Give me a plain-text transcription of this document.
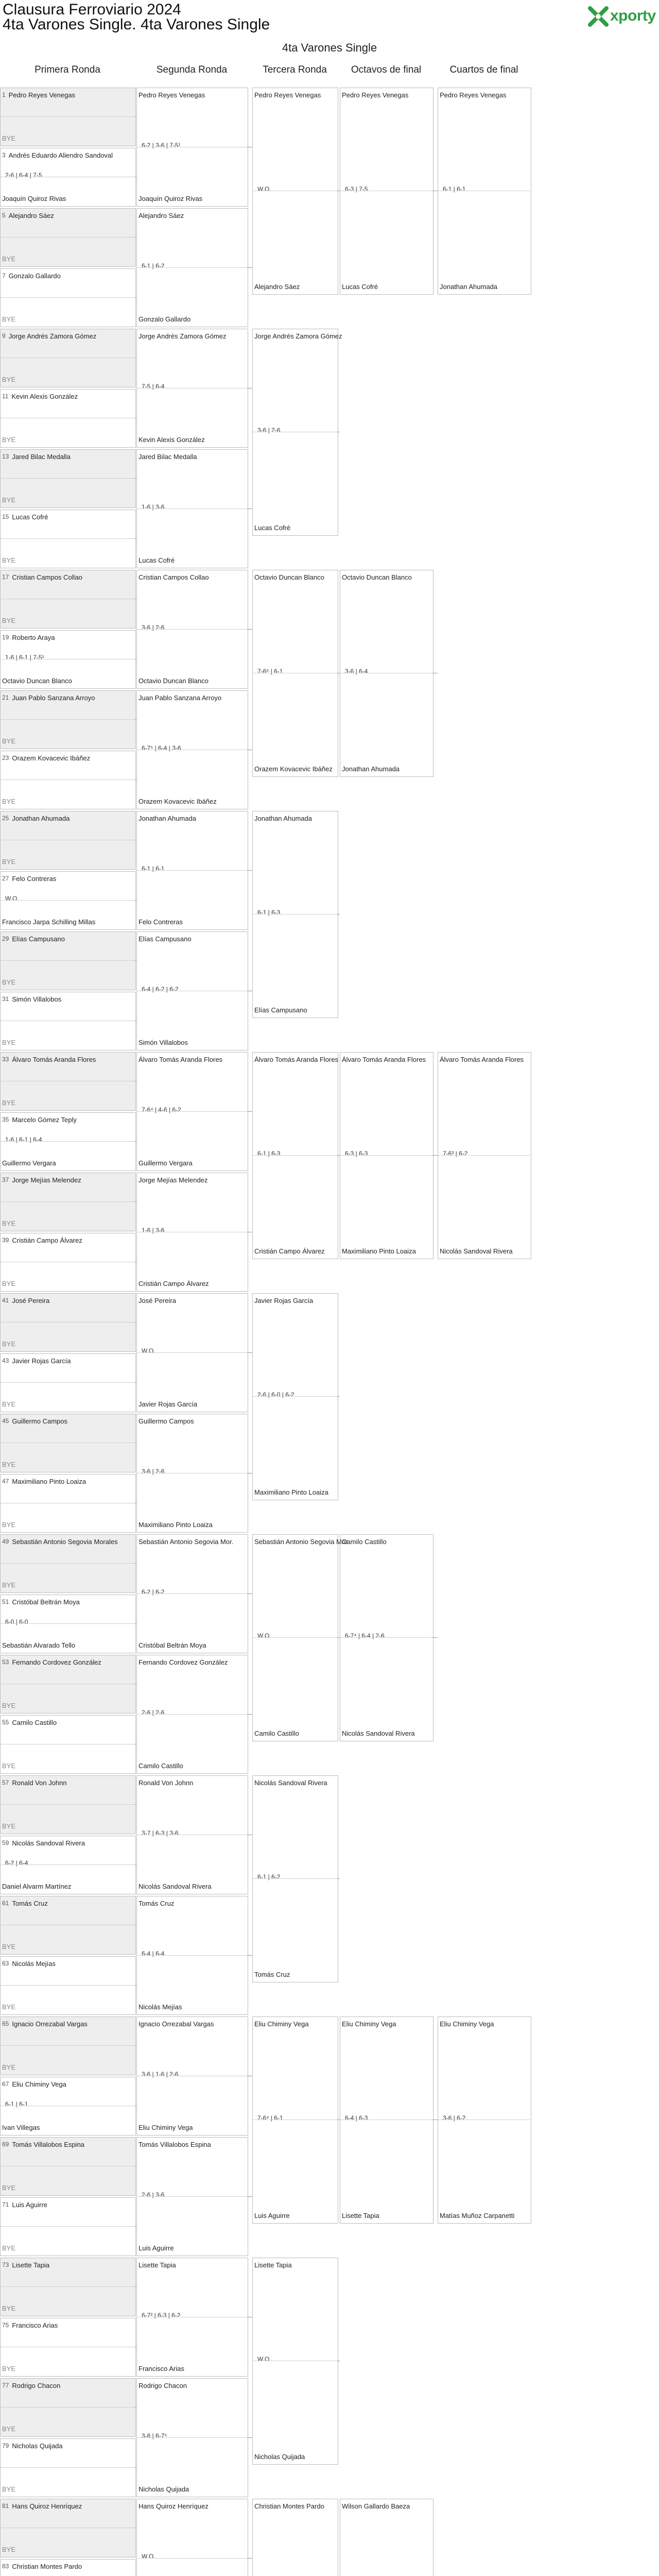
Clausura Ferroviario 2024
4ta Varones Single. 4ta Varones Single
xporty
4ta Varones Single
Primera Ronda	Segunda Ronda	Tercera Ronda	Octavos de final	Cuartos de final
1 Pedro Reyes Venegas
BYE
3 Andrés Eduardo Aliendro Sandoval
Joaquín Quiroz Rivas
2-6 | 6-4 | 7-5
5 Alejandro Sáez
BYE
7 Gonzalo Gallardo
BYE
9 Jorge Andrés Zamora Gómez
BYE
11 Kevin Alexis González
BYE
13 Jared Bilac Medalla
BYE
15 Lucas Cofré
BYE
17 Cristian Campos Collao
BYE
19 Roberto Araya
Octavio Duncan Blanco
1-6 | 6-1 | 7-5¹
21 Juan Pablo Sanzana Arroyo
BYE
23 Orazem Kovacevic Ibáñez
BYE
25 Jonathan Ahumada
BYE
27 Felo Contreras
Francisco Jarpa Schilling Millas
W.O.
29 Elías Campusano
BYE
31 Simón Villalobos
BYE
33 Álvaro Tomás Aranda Flores
BYE
35 Marcelo Gómez Teply
Guillermo Vergara
1-6 | 6-1 | 6-4
37 Jorge Mejías Melendez
BYE
39 Cristián Campo Álvarez
BYE
41 José Pereira
BYE
43 Javier Rojas García
BYE
45 Guillermo Campos
BYE
47 Maximiliano Pinto Loaiza
BYE
49 Sebastián Antonio Segovia Morales
BYE
51 Cristóbal Beltrán Moya
Sebastián Alvarado Tello
6-0 | 6-0
53 Fernando Cordovez González
BYE
55 Camilo Castillo
BYE
57 Ronald Von Johnn
BYE
59 Nicolás Sandoval Rivera
Daniel Alvarm Martínez
6-2 | 6-4
61 Tomás Cruz
BYE
63 Nicolás Mejías
BYE
65 Ignacio Orrezabal Vargas
BYE
67 Eliu Chiminy Vega
Ivan Villegas
6-1 | 6-1
69 Tomás Villalobos Espina
BYE
71 Luis Aguirre
BYE
73 Lisette Tapia
BYE
75 Francisco Arias
BYE
77 Rodrigo Chacon
BYE
79 Nicholas Quijada
BYE
81 Hans Quiroz Henríquez
BYE
83 Christian Montes Pardo
Pedro Reyes Venegas
Joaquín Quiroz Rivas
6-2 | 3-6 | 7-5¹
Alejandro Sáez
Gonzalo Gallardo
6-1 | 6-2
Jorge Andrés Zamora Gómez
Kevin Alexis González
7-5 | 6-4
Jared Bilac Medalla
Lucas Cofré
1-6 | 3-6
Cristian Campos Collao
Octavio Duncan Blanco
3-6 | 2-6
Juan Pablo Sanzana Arroyo
Orazem Kovacevic Ibáñez
6-7⁵ | 6-4 | 3-6
Jonathan Ahumada
Felo Contreras
6-1 | 6-1
Elías Campusano
Simón Villalobos
6-4 | 6-2 | 6-2
Álvaro Tomás Aranda Flores
Guillermo Vergara
7-6⁴ | 4-6 | 6-2
Jorge Mejías Melendez
Cristián Campo Álvarez
1-6 | 3-6
José Pereira
Javier Rojas García
W.O.
Guillermo Campos
Maximiliano Pinto Loaiza
3-6 | 2-6
Sebastián Antonio Segovia Mor.
Cristóbal Beltrán Moya
6-2 | 6-2
Fernando Cordovez González
Camilo Castillo
2-6 | 2-6
Ronald Von Johnn
Nicolás Sandoval Rivera
3-7 | 6-3 | 3-6
Tomás Cruz
Nicolás Mejías
6-4 | 6-4
Ignacio Orrezabal Vargas
Eliu Chiminy Vega
3-6 | 1-6 | 2-6
Tomás Villalobos Espina
Luis Aguirre
2-6 | 3-6
Lisette Tapia
Francisco Arias
6-7² | 6-3 | 6-2
Rodrigo Chacon
Nicholas Quijada
3-6 | 6-7⁵
Hans Quiroz Henríquez
W.O.
Pedro Reyes Venegas
Alejandro Sáez
W.O.
Jorge Andrés Zamora Gómez
Lucas Cofré
3-6 | 2-6
Octavio Duncan Blanco
Orazem Kovacevic Ibáñez
7-6⁶ | 6-1
Jonathan Ahumada
Elías Campusano
6-1 | 6-3
Álvaro Tomás Aranda Flores
Cristián Campo Álvarez
6-1 | 6-3
Javier Rojas García
Maximiliano Pinto Loaiza
2-6 | 6-0 | 6-2
Sebastián Antonio Segovia Mor.
Camilo Castillo
W.O.
Nicolás Sandoval Rivera
Tomás Cruz
6-1 | 6-2
Eliu Chiminy Vega
Luis Aguirre
7-6⁴ | 6-1
Lisette Tapia
Nicholas Quijada
W.O.
Christian Montes Pardo
Pedro Reyes Venegas
Lucas Cofré
6-3 | 7-5
Octavio Duncan Blanco
Jonathan Ahumada
3-6 | 6-4
Álvaro Tomás Aranda Flores
Maximiliano Pinto Loaiza
6-3 | 6-3
Camilo Castillo
Nicolás Sandoval Rivera
6-7⁴ | 6-4 | 2-6
Eliu Chiminy Vega
Lisette Tapia
6-4 | 6-3
Wilson Gallardo Baeza
Pedro Reyes Venegas
Jonathan Ahumada
6-1 | 6-1
Álvaro Tomás Aranda Flores
Nicolás Sandoval Rivera
7-6³ | 6-2
Eliu Chiminy Vega
Matías Muñoz Carpanetti
3-6 | 6-2
